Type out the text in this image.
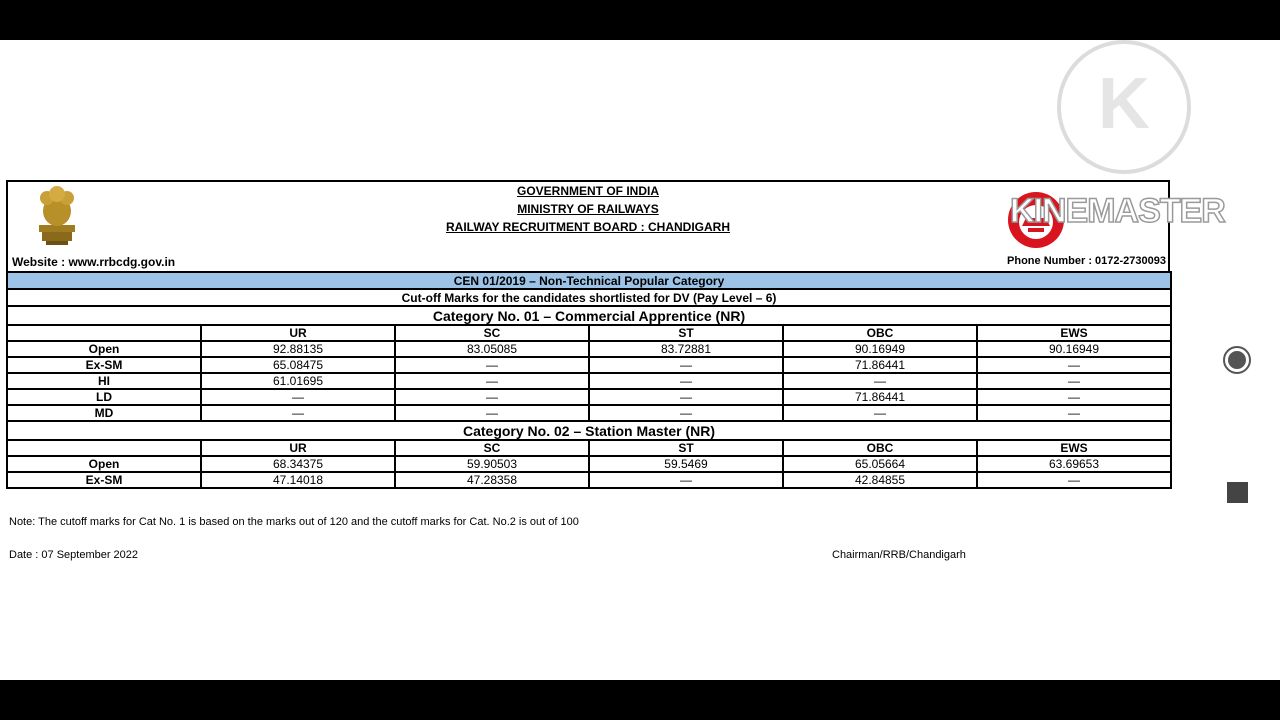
GOVERNMENT OF INDIA
MINISTRY OF RAILWAYS
RAILWAY RECRUITMENT BOARD : CHANDIGARH
Website : www.rrbcdg.gov.in	Phone Number : 0172-2730093
CEN 01/2019 – Non-Technical Popular Category					
Cut-off Marks for the candidates shortlisted for DV (Pay Level – 6)					
Category No. 01 – Commercial Apprentice (NR)					
	UR	SC	ST	OBC	EWS
Open	92.88135	83.05085	83.72881	90.16949	90.16949
Ex-SM	65.08475	—	—	71.86441	—
HI	61.01695	—	—	—	—
LD	—	—	—	71.86441	—
MD	—	—	—	—	—
Category No. 02 – Station Master (NR)					
	UR	SC	ST	OBC	EWS
Open	68.34375	59.90503	59.5469	65.05664	63.69653
Ex-SM	47.14018	47.28358	—	42.84855	—
Note: The cutoff marks for Cat No. 1 is based on the marks out of 120 and the cutoff marks for Cat. No.2 is out of 100
Date : 07 September 2022	Chairman/RRB/Chandigarh
K
KINEMASTER
